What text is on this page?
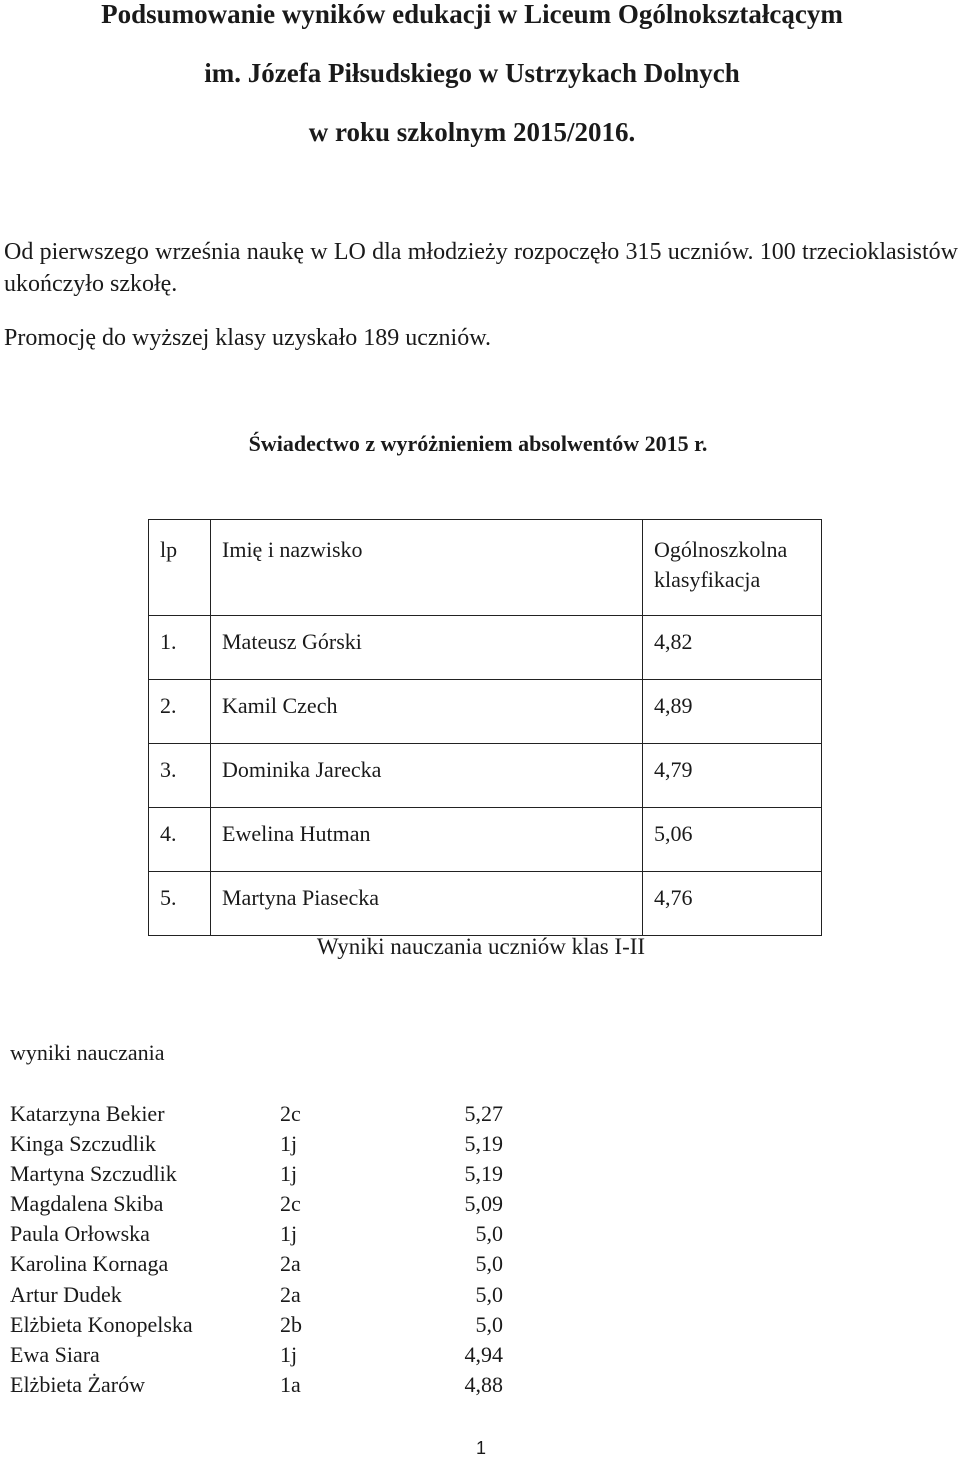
Podsumowanie wyników edukacji w Liceum Ogólnokształcącym
im. Józefa Piłsudskiego w Ustrzykach Dolnych
w roku szkolnym 2015/2016.

Od pierwszego września naukę w LO dla młodzieży rozpoczęło 315 uczniów. 100 trzecioklasistów ukończyło szkołę.

Promocję do wyższej klasy uzyskało 189 uczniów.

Świadectwo z wyróżnieniem absolwentów 2015 r.
lp	Imię i nazwisko	Ogólnoszkolna klasyfikacja
1.	Mateusz Górski	4,82
2.	Kamil Czech	4,89
3.	Dominika Jarecka	4,79
4.	Ewelina Hutman	5,06
5.	Martyna Piasecka	4,76

Wyniki nauczania uczniów klas I-II

wyniki nauczania

Katarzyna Bekier	2c	5,27
Kinga Szczudlik	1j	5,19
Martyna Szczudlik	1j	5,19
Magdalena Skiba	2c	5,09
Paula Orłowska	1j	5,0
Karolina Kornaga	2a	5,0
Artur Dudek	2a	5,0
Elżbieta Konopelska	2b	5,0
Ewa Siara	1j	4,94
Elżbieta Żarów	1a	4,88
1
